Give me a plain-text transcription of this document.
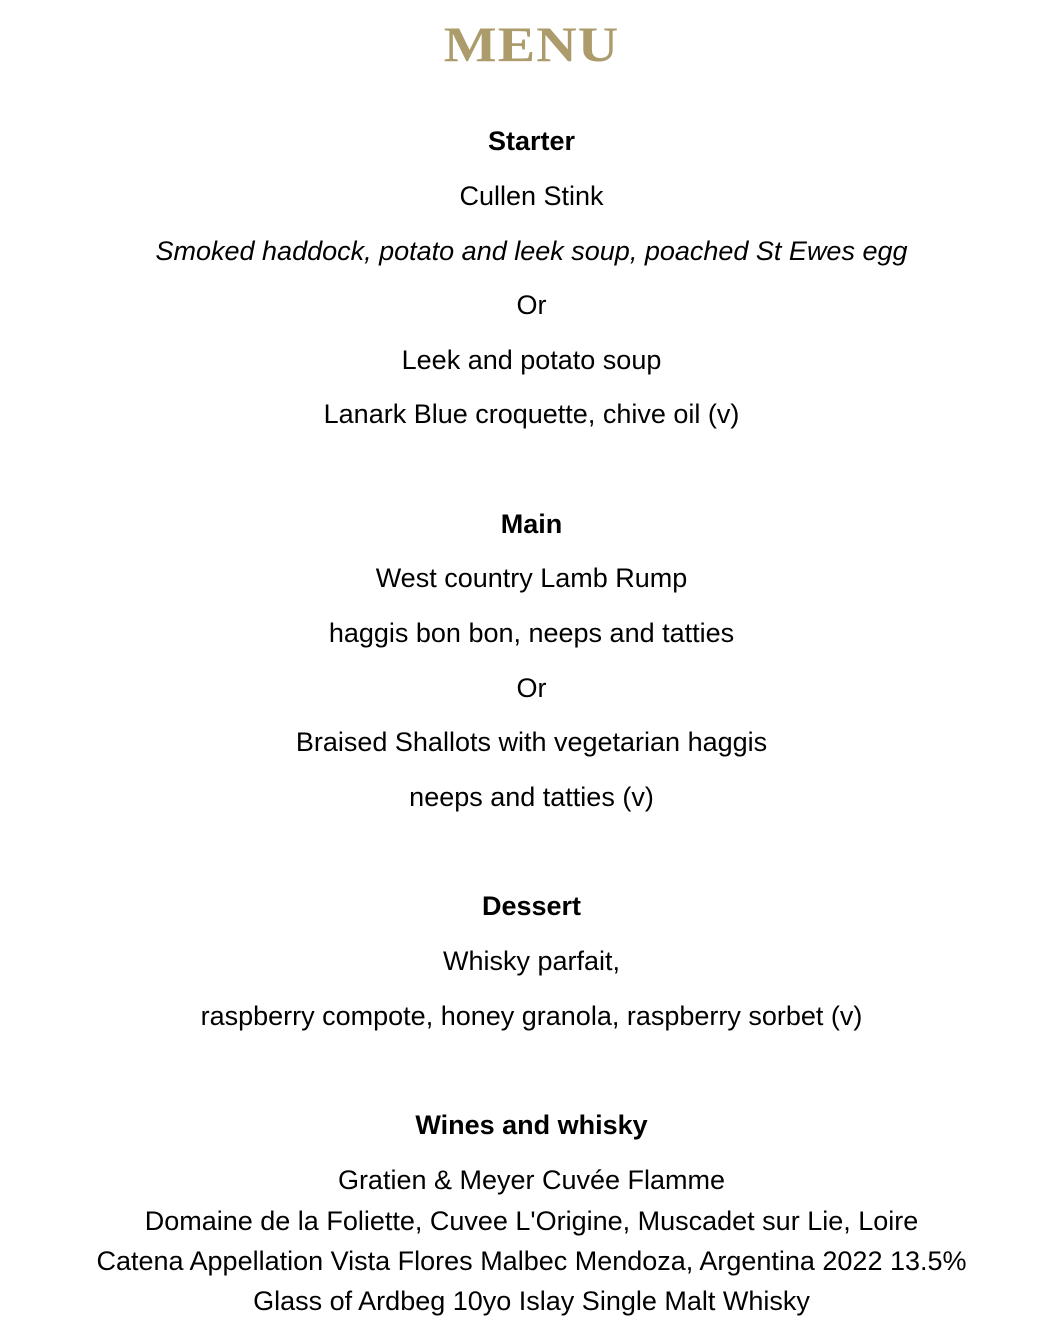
MENU
Starter
Cullen Stink
Smoked haddock, potato and leek soup, poached St Ewes egg
Or
Leek and potato soup
Lanark Blue croquette, chive oil (v)
Main
West country Lamb Rump
haggis bon bon, neeps and tatties
Or
Braised Shallots with vegetarian haggis
neeps and tatties (v)
Dessert
Whisky parfait,
raspberry compote, honey granola, raspberry sorbet (v)
Wines and whisky
Gratien & Meyer Cuvée Flamme
Domaine de la Foliette, Cuvee L'Origine, Muscadet sur Lie, Loire
Catena Appellation Vista Flores Malbec Mendoza, Argentina 2022 13.5%
Glass of Ardbeg 10yo Islay Single Malt Whisky
